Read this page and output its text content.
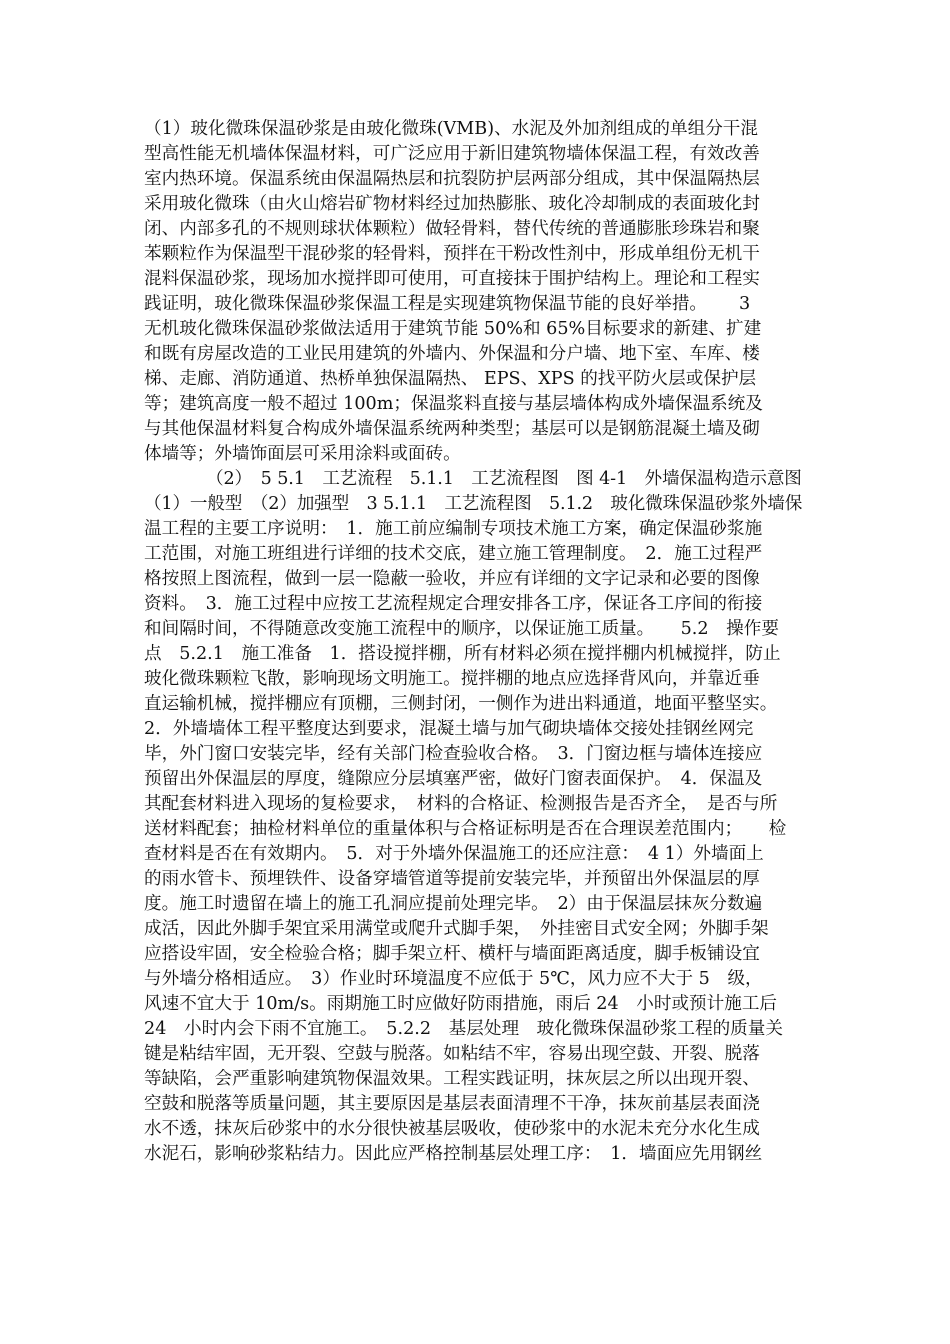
（1）玻化微珠保温砂浆是由玻化微珠(VMB)、水泥及外加剂组成的单组分干混
型高性能无机墙体保温材料，可广泛应用于新旧建筑物墙体保温工程，有效改善
室内热环境。保温系统由保温隔热层和抗裂防护层两部分组成，其中保温隔热层
采用玻化微珠（由火山熔岩矿物材料经过加热膨胀、玻化冷却制成的表面玻化封
闭、内部多孔的不规则球状体颗粒）做轻骨料，替代传统的普通膨胀珍珠岩和聚
苯颗粒作为保温型干混砂浆的轻骨料，预拌在干粉改性剂中，形成单组份无机干
混料保温砂浆，现场加水搅拌即可使用，可直接抹于围护结构上。理论和工程实
践证明，玻化微珠保温砂浆保温工程是实现建筑物保温节能的良好举措。　　 3
无机玻化微珠保温砂浆做法适用于建筑节能 50%和 65%目标要求的新建、扩建
和既有房屋改造的工业民用建筑的外墙内、外保温和分户墙、地下室、车库、楼
梯、走廊、消防通道、热桥单独保温隔热、 EPS、XPS 的找平防火层或保护层
等；建筑高度一般不超过 100m；保温浆料直接与基层墙体构成外墙保温系统及
与其他保温材料复合构成外墙保温系统两种类型；基层可以是钢筋混凝土墙及砌
体墙等；外墙饰面层可采用涂料或面砖。
（2）　5 5.1　工艺流程　5.1.1　工艺流程图　图 4-1　外墙保温构造示意图
（1）一般型　（2）加强型　3 5.1.1　工艺流程图　5.1.2　玻化微珠保温砂浆外墙保
温工程的主要工序说明：　1．施工前应编制专项技术施工方案，确定保温砂浆施
工范围，对施工班组进行详细的技术交底，建立施工管理制度。　2．施工过程严
格按照上图流程，做到一层一隐蔽一验收，并应有详细的文字记录和必要的图像
资料。　3．施工过程中应按工艺流程规定合理安排各工序，保证各工序间的衔接
和间隔时间，不得随意改变施工流程中的顺序，以保证施工质量。　　5.2　操作要
点　5.2.1　施工准备　1．搭设搅拌棚，所有材料必须在搅拌棚内机械搅拌，防止
玻化微珠颗粒飞散，影响现场文明施工。搅拌棚的地点应选择背风向，并靠近垂
直运输机械，搅拌棚应有顶棚，三侧封闭，一侧作为进出料通道，地面平整坚实。
2．外墙墙体工程平整度达到要求，混凝土墙与加气砌块墙体交接处挂钢丝网完
毕，外门窗口安装完毕，经有关部门检查验收合格。　3．门窗边框与墙体连接应
预留出外保温层的厚度，缝隙应分层填塞严密，做好门窗表面保护。　4．保温及
其配套材料进入现场的复检要求，　材料的合格证、检测报告是否齐全，　是否与所
送材料配套；抽检材料单位的重量体积与合格证标明是否在合理误差范围内；　　检
查材料是否在有效期内。　5．对于外墙外保温施工的还应注意：　4 1）外墙面上
的雨水管卡、预埋铁件、设备穿墙管道等提前安装完毕，并预留出外保温层的厚
度。施工时遗留在墙上的施工孔洞应提前处理完毕。　2）由于保温层抹灰分数遍
成活，因此外脚手架宜采用满堂或爬升式脚手架，　外挂密目式安全网；外脚手架
应搭设牢固，安全检验合格；脚手架立杆、横杆与墙面距离适度，脚手板铺设宜
与外墙分格相适应。　3）作业时环境温度不应低于 5℃，风力应不大于 5　级，
风速不宜大于 10m/s。雨期施工时应做好防雨措施，雨后 24　小时或预计施工后
24　小时内会下雨不宜施工。　5.2.2　基层处理　玻化微珠保温砂浆工程的质量关
键是粘结牢固，无开裂、空鼓与脱落。如粘结不牢，容易出现空鼓、开裂、脱落
等缺陷，会严重影响建筑物保温效果。工程实践证明，抹灰层之所以出现开裂、
空鼓和脱落等质量问题，其主要原因是基层表面清理不干净，抹灰前基层表面浇
水不透，抹灰后砂浆中的水分很快被基层吸收，使砂浆中的水泥未充分水化生成
水泥石，影响砂浆粘结力。因此应严格控制基层处理工序：　1．墙面应先用钢丝
